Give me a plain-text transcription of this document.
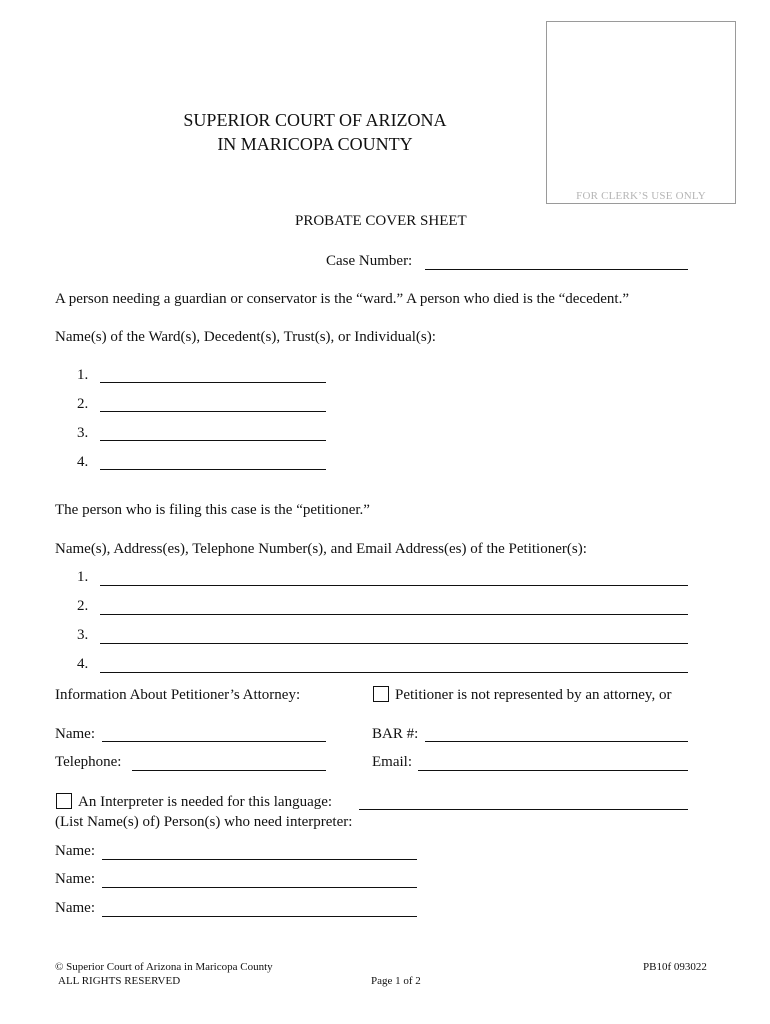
FOR CLERK’S USE ONLY
SUPERIOR COURT OF ARIZONA
IN MARICOPA COUNTY
PROBATE COVER SHEET
Case Number:
A person needing a guardian or conservator is the “ward.” A person who died is the “decedent.”
Name(s) of the Ward(s), Decedent(s), Trust(s), or Individual(s):
1.
2.
3.
4.
The person who is filing this case is the “petitioner.”
Name(s), Address(es), Telephone Number(s), and Email Address(es) of the Petitioner(s):
1.
2.
3.
4.
Information About Petitioner’s Attorney:	Petitioner is not represented by an attorney, or
Name:	BAR #:
Telephone:	Email:
An Interpreter is needed for this language:
(List Name(s) of) Person(s) who need interpreter:
Name:
Name:
Name:
© Superior Court of Arizona in Maricopa County
ALL RIGHTS RESERVED	Page 1 of 2
PB10f 093022
